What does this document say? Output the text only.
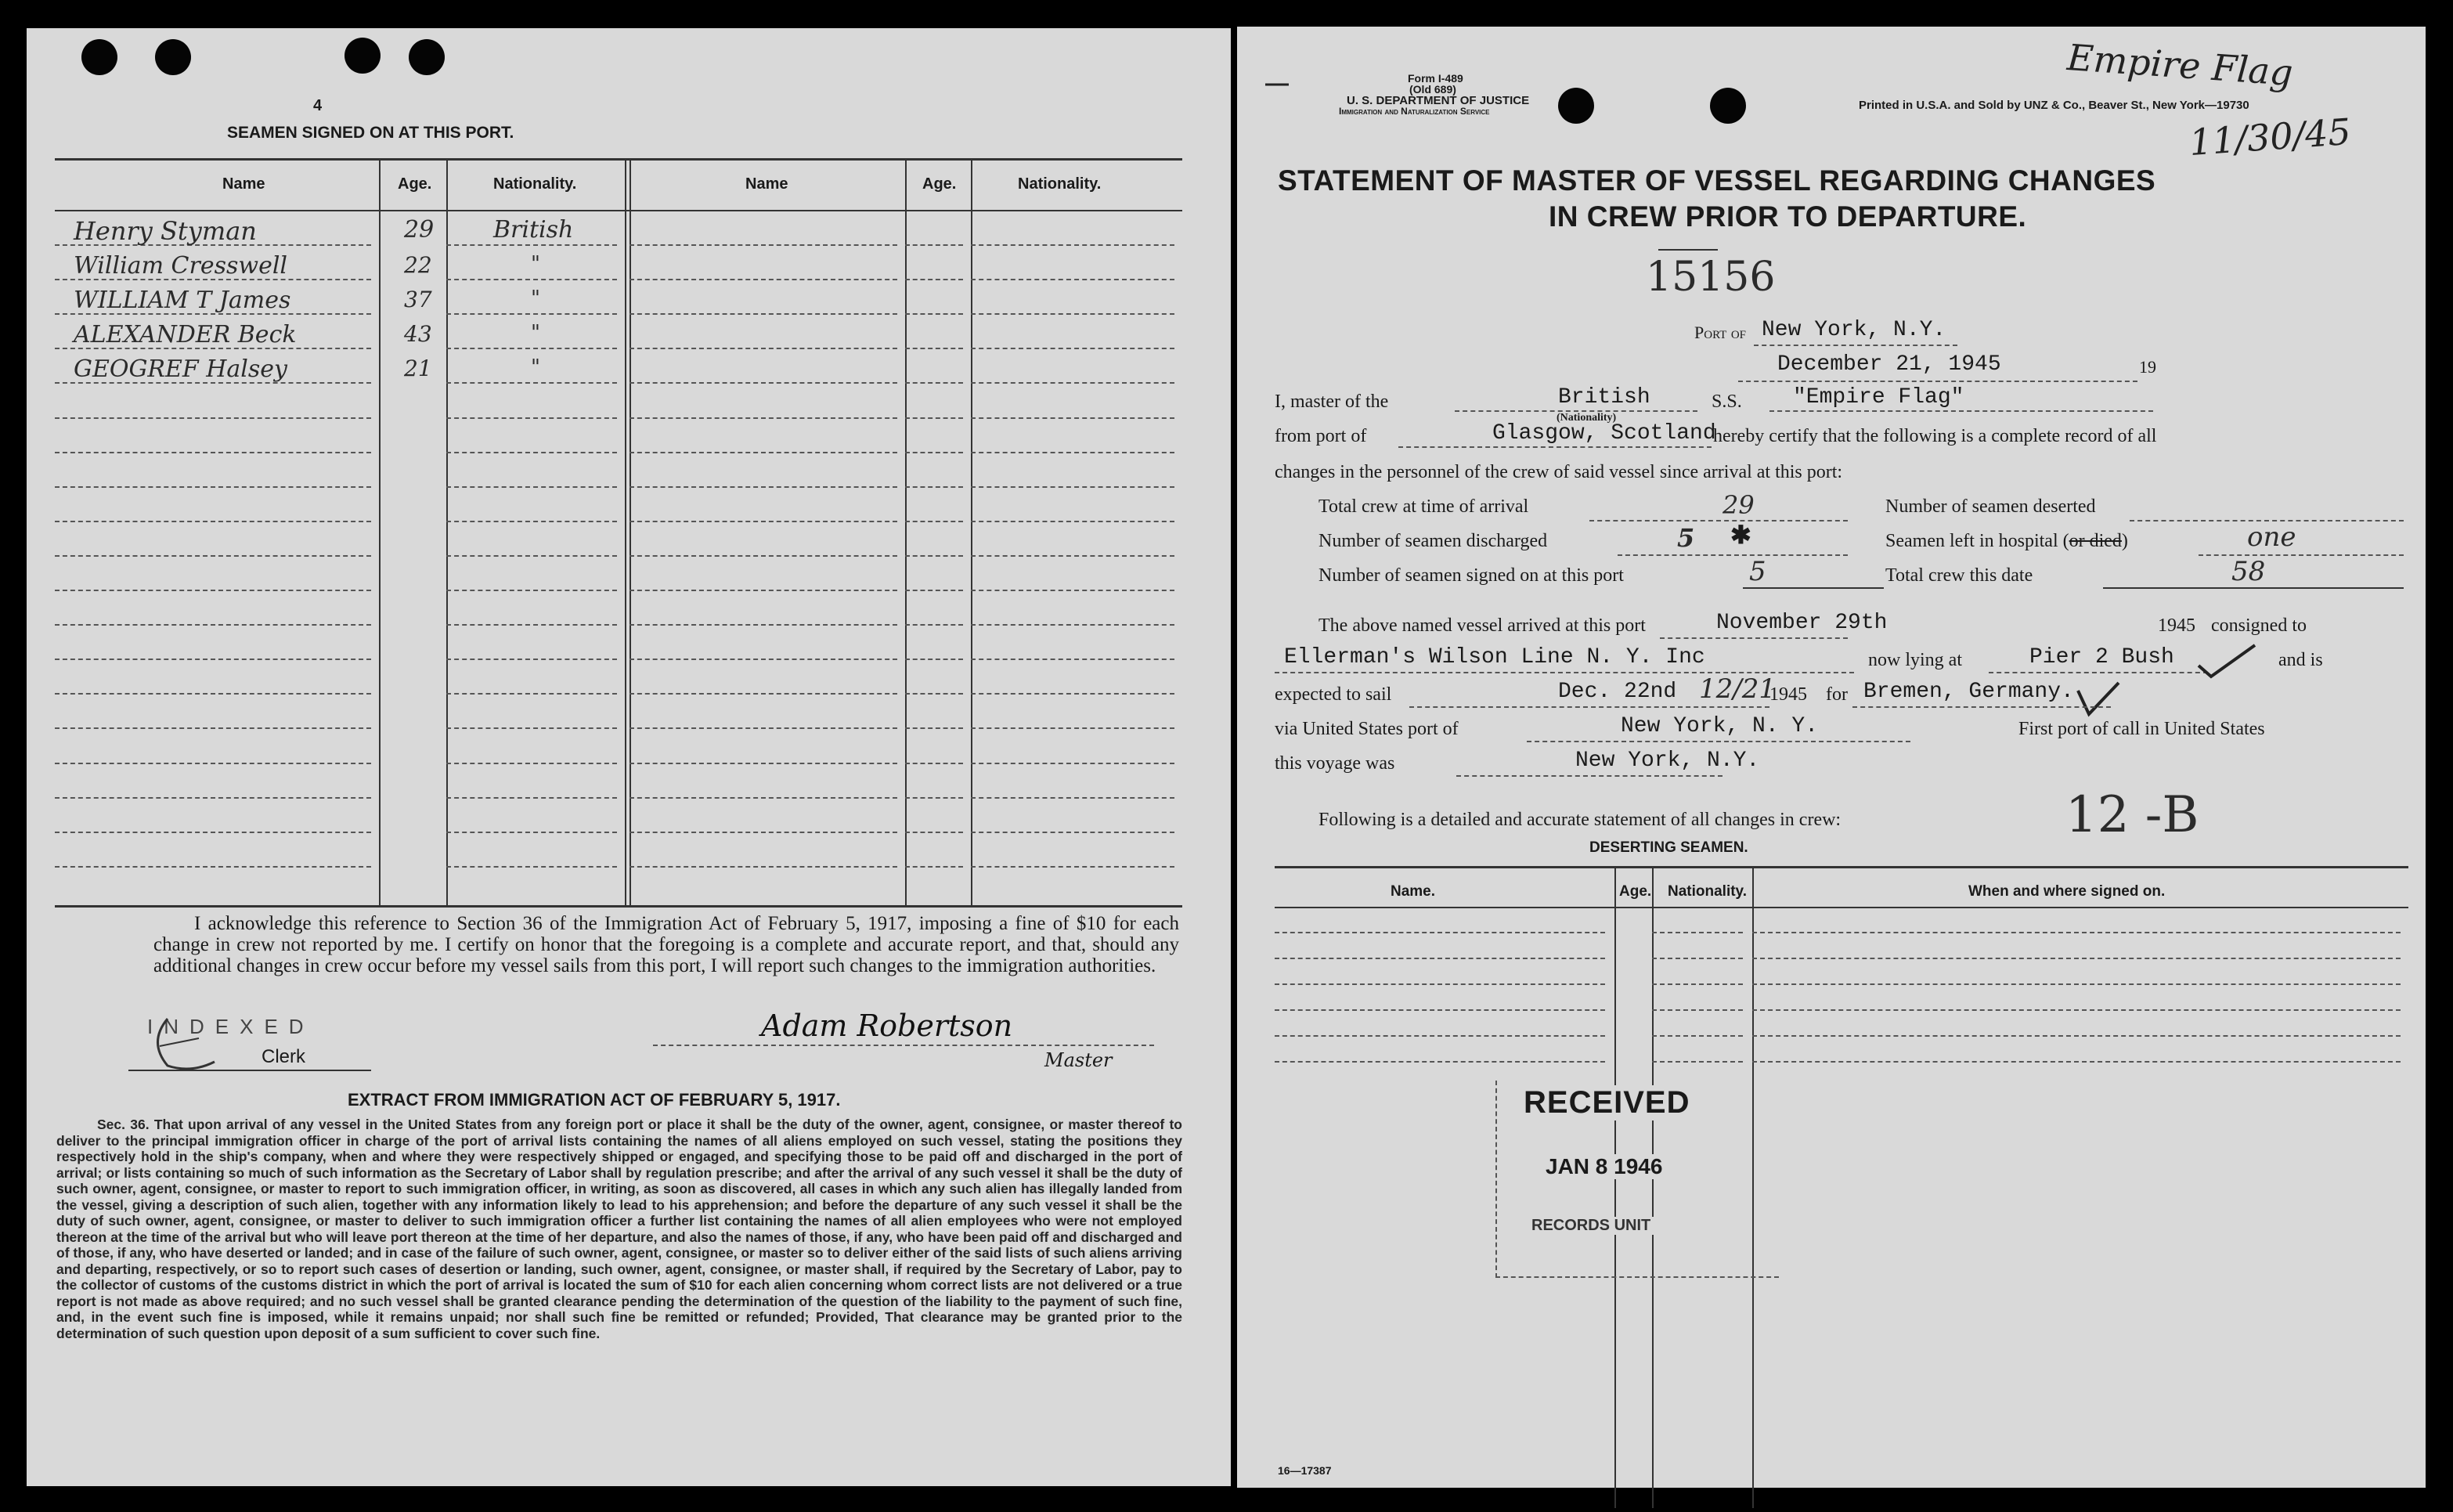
4
SEAMEN SIGNED ON AT THIS PORT.
Name	Age.	Nationality.	Name	Age.	Nationality.
Henry Styman	29	British
William Cresswell	22	"
WILLIAM T James	37	"
ALEXANDER Beck	43	"
GEOGREF Halsey	21	"
I acknowledge this reference to Section 36 of the Immigration Act of February 5, 1917, imposing a fine of $10 for each change in crew not reported by me. I certify on honor that the foregoing is a complete and accurate report, and that, should any additional changes in crew occur before my vessel sails from this port, I will report such changes to the immigration authorities.
INDEXED
Clerk
Adam Robertson
Master
EXTRACT FROM IMMIGRATION ACT OF FEBRUARY 5, 1917.
Sec. 36. That upon arrival of any vessel in the United States from any foreign port or place it shall be the duty of the owner, agent, consignee, or master thereof to deliver to the principal immigration officer in charge of the port of arrival lists containing the names of all aliens employed on such vessel, stating the positions they respectively hold in the ship's company, when and where they were respectively shipped or engaged, and specifying those to be paid off and discharged in the port of arrival; or lists containing so much of such information as the Secretary of Labor shall by regulation prescribe; and after the arrival of any such vessel it shall be the duty of such owner, agent, consignee, or master to report to such immigration officer, in writing, as soon as discovered, all cases in which any such alien has illegally landed from the vessel, giving a description of such alien, together with any information likely to lead to his apprehension; and before the departure of any such vessel it shall be the duty of such owner, agent, consignee, or master to deliver to such immigration officer a further list containing the names of all alien employees who were not employed thereon at the time of the arrival but who will leave port thereon at the time of her departure, and also the names of those, if any, who have been paid off and discharged and of those, if any, who have deserted or landed; and in case of the failure of such owner, agent, consignee, or master so to deliver either of the said lists of such aliens arriving and departing, respectively, or so to report such cases of desertion or landing, such owner, agent, consignee, or master shall, if required by the Secretary of Labor, pay to the collector of customs of the customs district in which the port of arrival is located the sum of $10 for each alien concerning whom correct lists are not delivered or a true report is not made as above required; and no such vessel shall be granted clearance pending the determination of the question of the liability to the payment of such fine, and, in the event such fine is imposed, while it remains unpaid; nor shall such fine be remitted or refunded; Provided, That clearance may be granted prior to the determination of such question upon deposit of a sum sufficient to cover such fine.
—	Form I-489
(Old 689)
U. S. DEPARTMENT OF JUSTICE
Immigration and Naturalization Service	Printed in U.S.A. and Sold by UNZ & Co., Beaver St., New York—19730
Empire Flag
11/30/45
STATEMENT OF MASTER OF VESSEL REGARDING CHANGES
IN CREW PRIOR TO DEPARTURE.
15156
Port of New York, N.Y.
December 21, 1945	19
I, master of the	British
(Nationality)
S.S. "Empire Flag"
from port of	Glasgow, Scotland
hereby certify that the following is a complete record of all
changes in the personnel of the crew of said vessel since arrival at this port:
Total crew at time of arrival	29	Number of seamen deserted
Number of seamen discharged	5 ✱	Seamen left in hospital (or died)	one
Number of seamen signed on at this port	5	Total crew this date	58
The above named vessel arrived at this port	November 29th	1945 consigned to
Ellerman's Wilson Line N. Y. Inc	now lying at	Pier 2 Bush	and is
expected to sail	Dec. 22nd 12/21
1945 for Bremen, Germany.
via United States port of	New York, N. Y.	First port of call in United States
this voyage was	New York, N.Y.
Following is a detailed and accurate statement of all changes in crew:	12 -B
DESERTING SEAMEN.
Name.	Age. Nationality.	When and where signed on.
RECEIVED
JAN 8 1946
RECORDS UNIT
16—17387
